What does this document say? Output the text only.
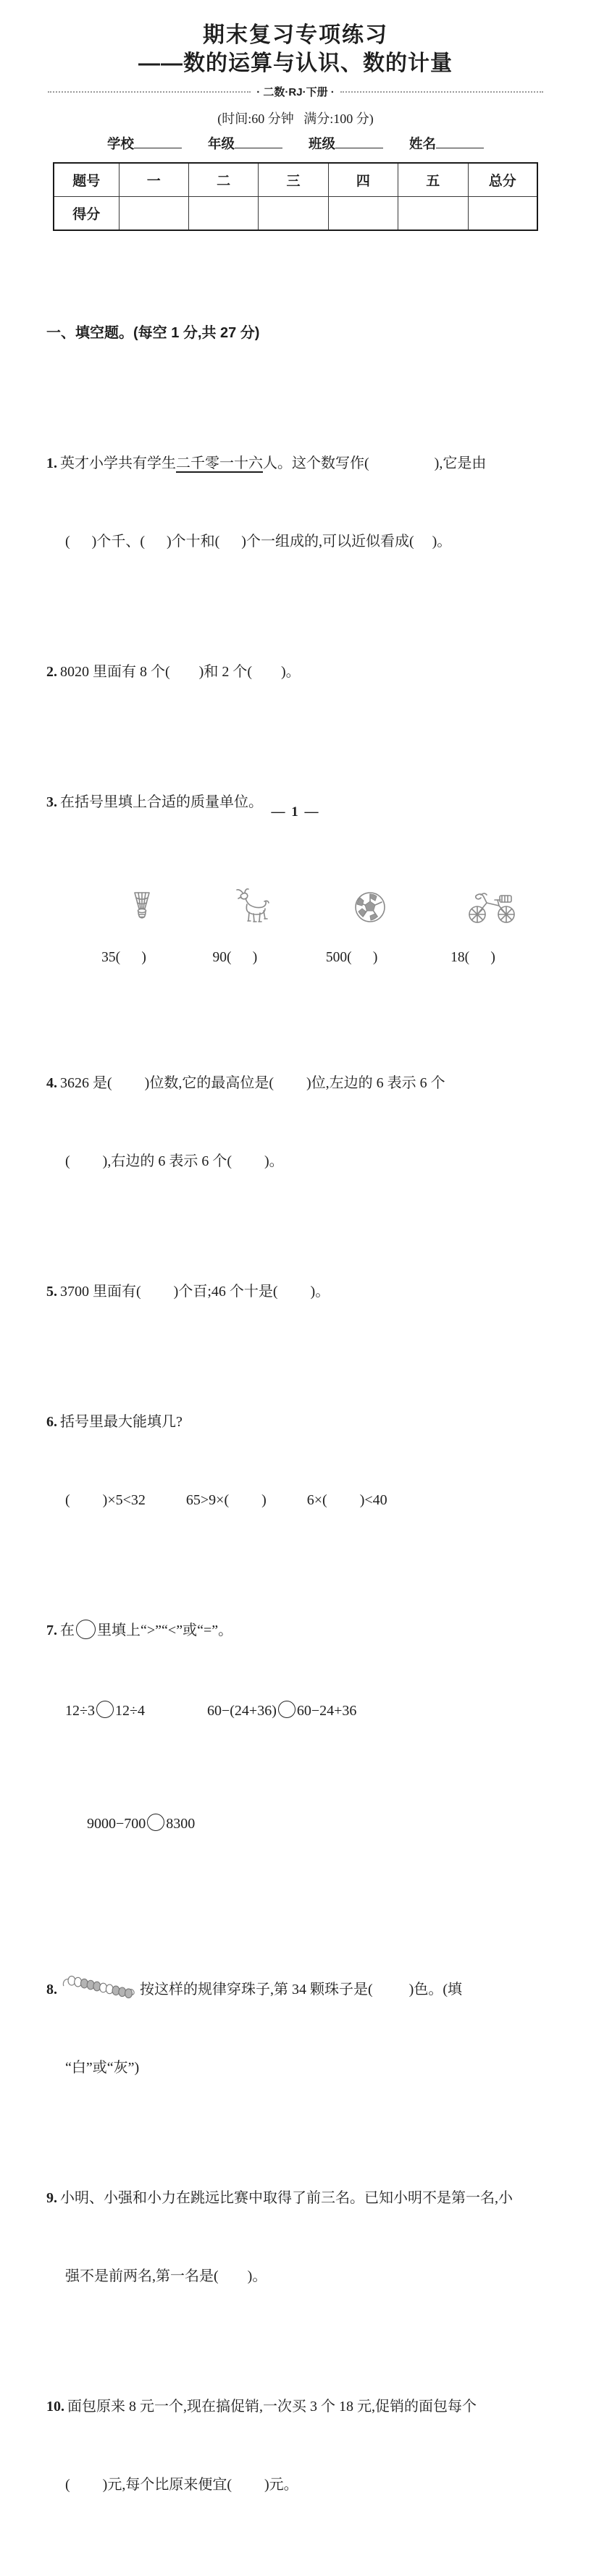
期末复习专项练习
——数的运算与认识、数的计量
· 二数·RJ·下册 ·
(时间:60 分钟   满分:100 分)
学校	年级	班级	姓名
题号	一	二	三	四	五	总分
得分						

一、填空题。(每空 1 分,共 27 分)

1. 英才小学共有学生二千零一十六人。这个数写作(                  ),它是由

(      )个千、(      )个十和(      )个一组成的,可以近似看成(     )。

2. 8020 里面有 8 个(        )和 2 个(        )。

3. 在括号里填上合适的质量单位。

35(      )

	90(      )

	500(      )

	18(      )

4. 3626 是(         )位数,它的最高位是(         )位,左边的 6 表示 6 个

(         ),右边的 6 表示 6 个(         )。

5. 3700 里面有(         )个百;46 个十是(         )。

6. 括号里最大能填几?

(         )×5<32	65>9×(         )	6×(         )<40

7. 在 里填上“>”“<”或“=”。

12÷3 12÷4	60−(24+36) 60−24+36

9000−700 8300

8.	按这样的规律穿珠子,第 34 颗珠子是(          )色。(填

“白”或“灰”)

9. 小明、小强和小力在跳远比赛中取得了前三名。已知小明不是第一名,小

强不是前两名,第一名是(        )。

10. 面包原来 8 元一个,现在搞促销,一次买 3 个 18 元,促销的面包每个

(         )元,每个比原来便宜(         )元。

— 1 —
